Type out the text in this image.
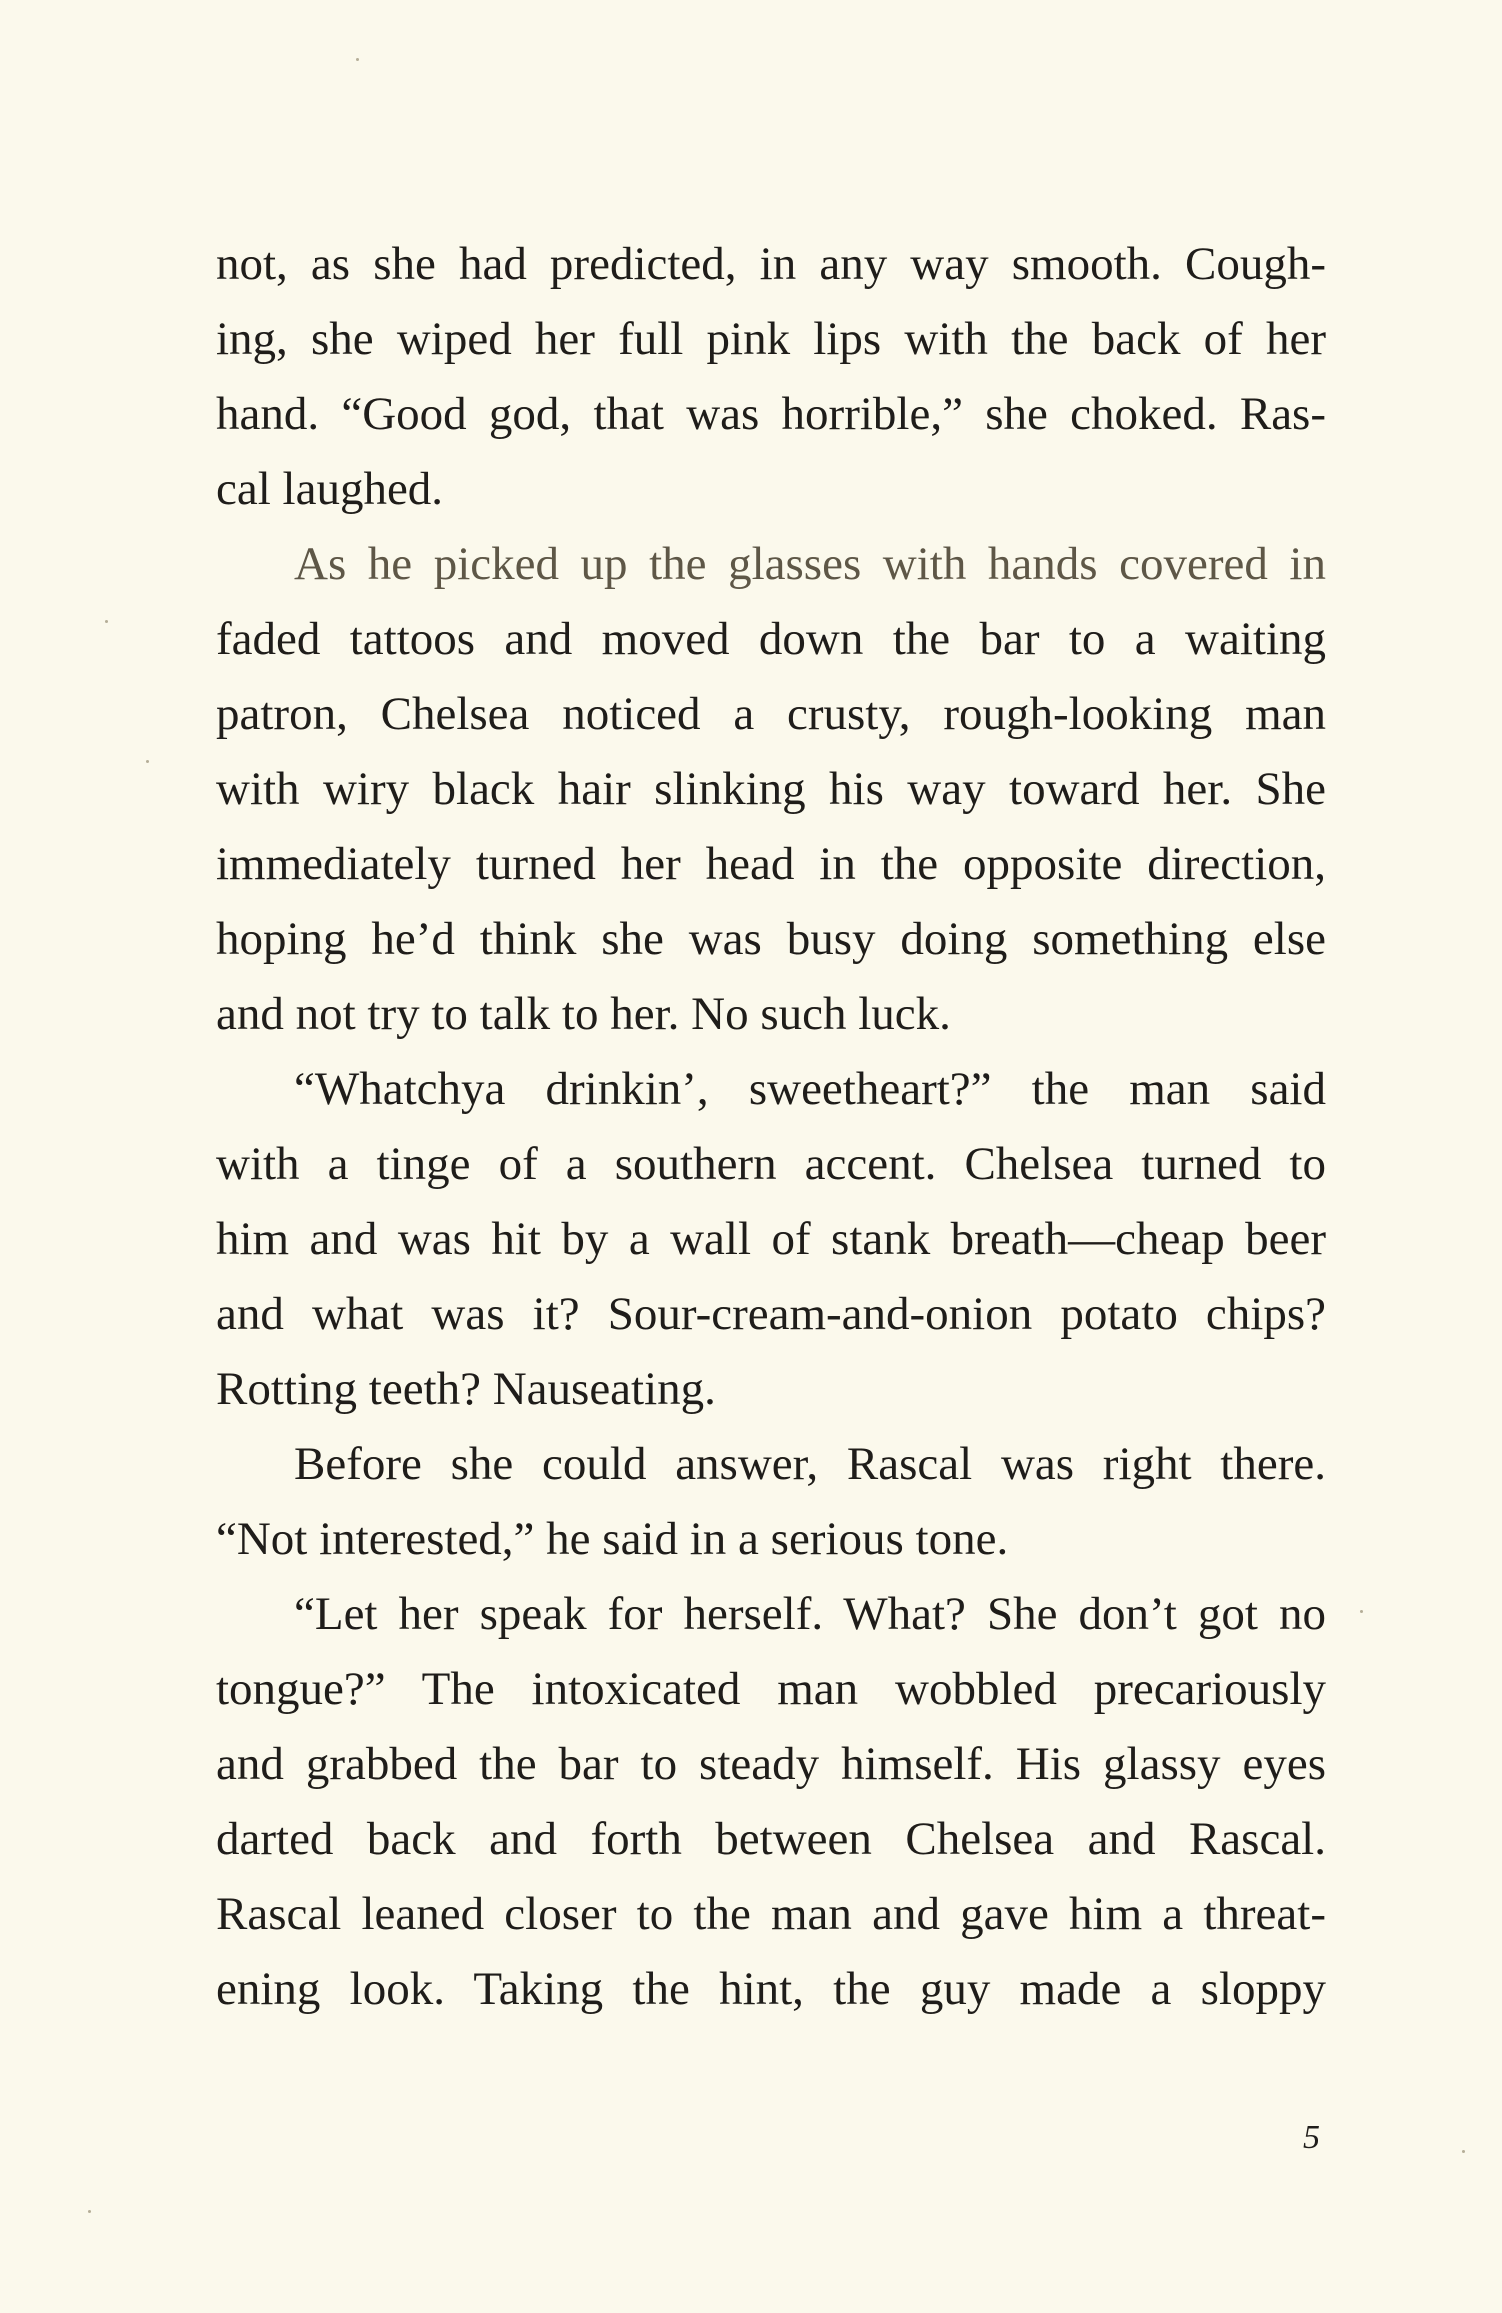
not, as she had predicted, in any way smooth. Cough-
ing, she wiped her full pink lips with the back of her
hand. “Good god, that was horrible,” she choked. Ras-
cal laughed.
As he picked up the glasses with hands covered in
faded tattoos and moved down the bar to a waiting
patron, Chelsea noticed a crusty, rough-looking man
with wiry black hair slinking his way toward her. She
immediately turned her head in the opposite direction,
hoping he’d think she was busy doing something else
and not try to talk to her. No such luck.
“Whatchya drinkin’, sweetheart?” the man said
with a tinge of a southern accent. Chelsea turned to
him and was hit by a wall of stank breath—cheap beer
and what was it? Sour-cream-and-onion potato chips?
Rotting teeth? Nauseating.
Before she could answer, Rascal was right there.
“Not interested,” he said in a serious tone.
“Let her speak for herself. What? She don’t got no
tongue?” The intoxicated man wobbled precariously
and grabbed the bar to steady himself. His glassy eyes
darted back and forth between Chelsea and Rascal.
Rascal leaned closer to the man and gave him a threat-
ening look. Taking the hint, the guy made a sloppy
5
